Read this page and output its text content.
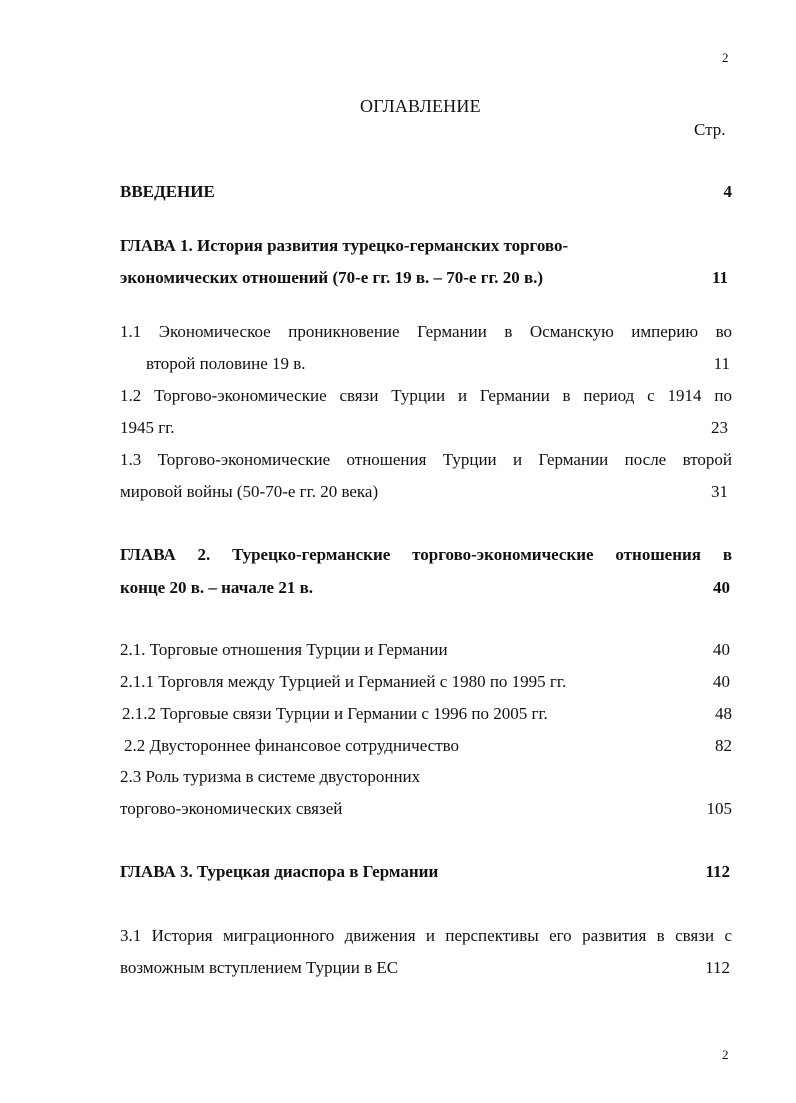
2
ОГЛАВЛЕНИЕ
Стр.
ВВЕДЕНИЕ	4
ГЛАВА 1. История развития турецко-германских торгово-
экономических отношений (70-е гг. 19 в. – 70-е гг. 20 в.)	11
1.1 Экономическое проникновение Германии в Османскую империю во
второй половине 19 в.	11
1.2 Торгово-экономические связи Турции и Германии в период с 1914 по
1945 гг.	23
1.3 Торгово-экономические отношения Турции и Германии после второй
мировой войны (50-70-е гг. 20 века)	31
ГЛАВА 2. Турецко-германские торгово-экономические отношения в
конце 20 в. – начале 21 в.	40
2.1. Торговые отношения Турции и Германии	40
2.1.1 Торговля между Турцией и Германией с 1980 по 1995 гг.	40
2.1.2 Торговые связи Турции и Германии с 1996 по 2005 гг.	48
2.2 Двустороннее финансовое сотрудничество	82
2.3 Роль туризма в системе двусторонних
торгово-экономических связей	105
ГЛАВА 3. Турецкая диаспора в Германии	112
3.1 История миграционного движения и перспективы его развития в связи с
возможным вступлением Турции в ЕС	112
2
